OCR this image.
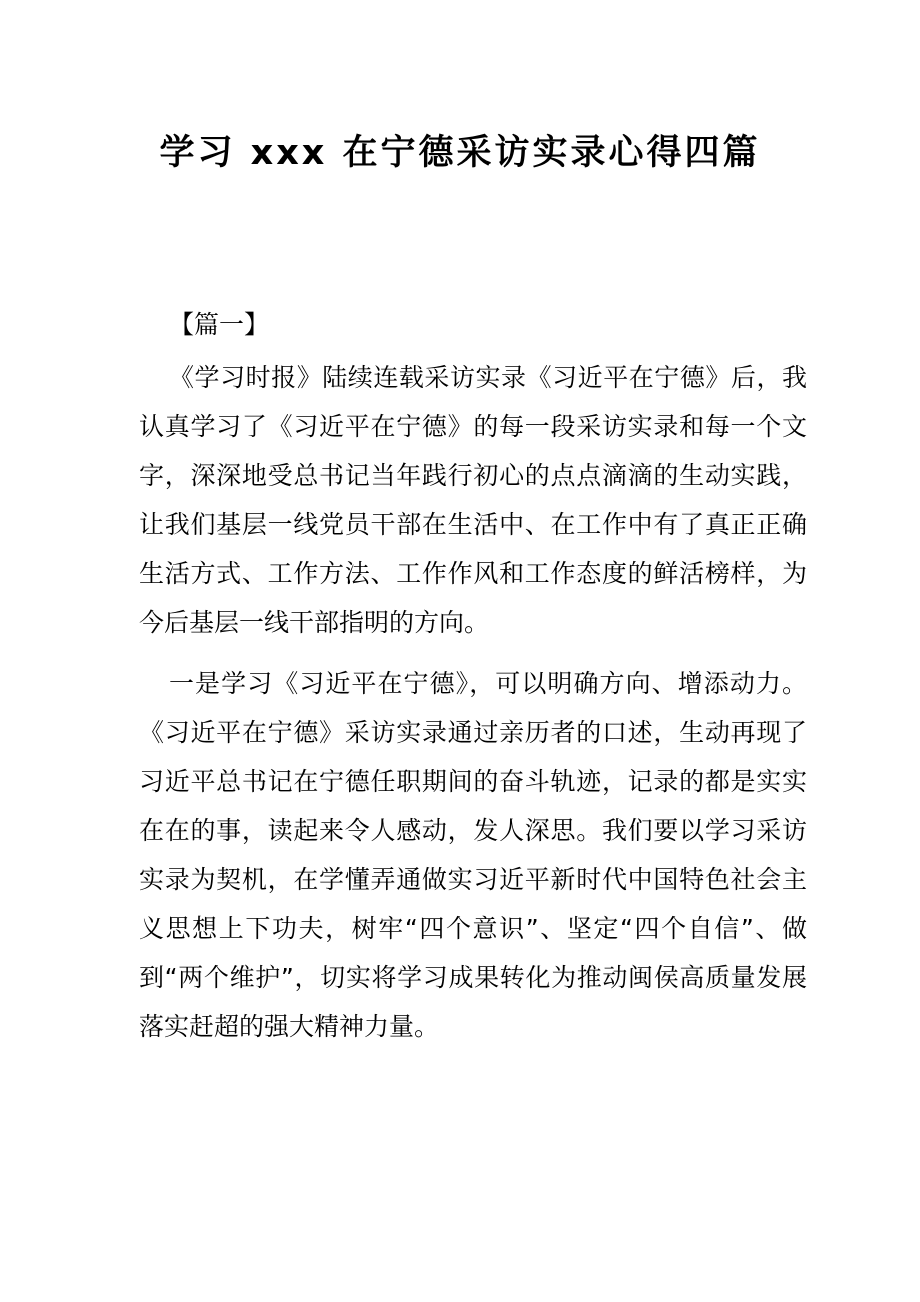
学习 xxx 在宁德采访实录心得四篇

【篇一】

《学习时报》陆续连载采访实录《习近平在宁德》后，我认真学习了《习近平在宁德》的每一段采访实录和每一个文字，深深地受总书记当年践行初心的点点滴滴的生动实践，让我们基层一线党员干部在生活中、在工作中有了真正正确生活方式、工作方法、工作作风和工作态度的鲜活榜样，为今后基层一线干部指明的方向。

一是学习《习近平在宁德》，可以明确方向、增添动力。《习近平在宁德》采访实录通过亲历者的口述，生动再现了习近平总书记在宁德任职期间的奋斗轨迹，记录的都是实实在在的事，读起来令人感动，发人深思。我们要以学习采访实录为契机，在学懂弄通做实习近平新时代中国特色社会主义思想上下功夫，树牢“四个意识”、坚定“四个自信”、做到“两个维护”，切实将学习成果转化为推动闽侯高质量发展落实赶超的强大精神力量。
